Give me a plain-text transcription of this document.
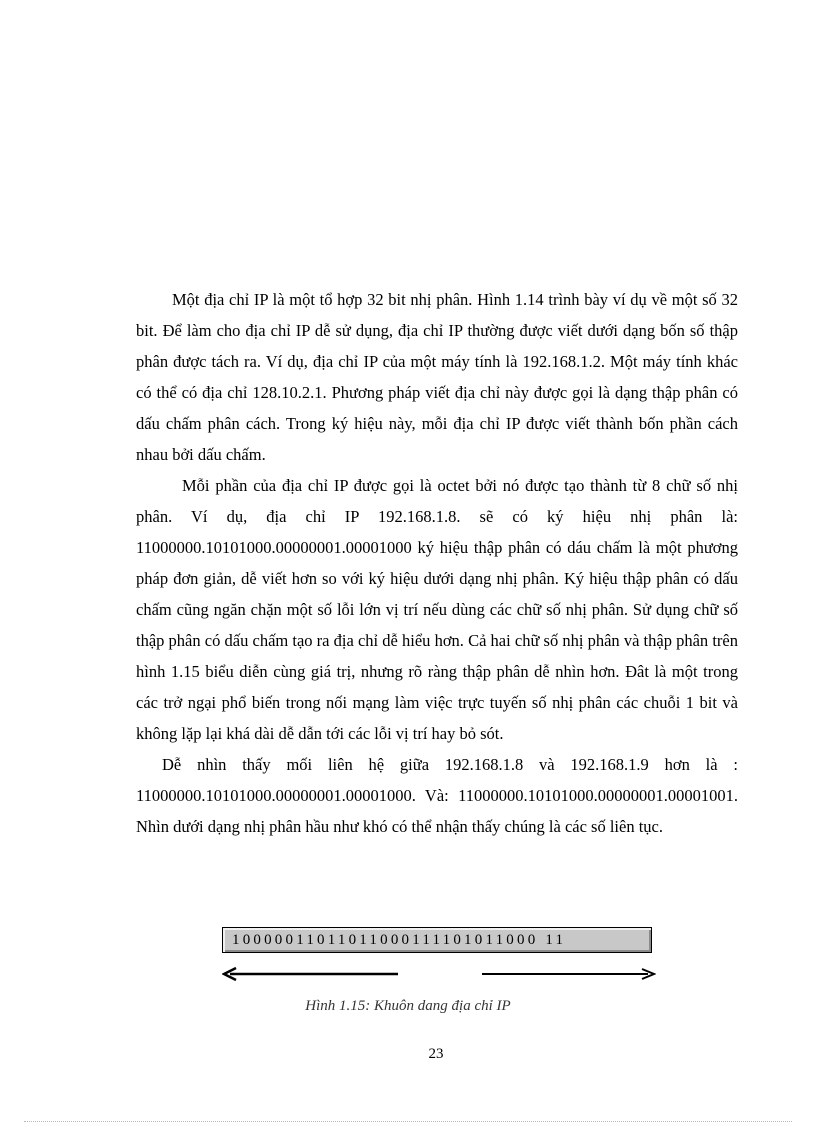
Một địa chỉ IP là một tổ hợp 32 bit nhị phân. Hình 1.14 trình bày ví dụ về một số 32 bit. Để làm cho địa chỉ IP dễ sử dụng, địa chỉ IP thường được viết dưới dạng bốn số thập phân được tách ra. Ví dụ, địa chỉ IP của một máy tính là 192.168.1.2. Một máy tính khác có thể có địa chỉ 128.10.2.1. Phương pháp viết địa chỉ này được gọi là dạng thập phân có dấu chấm phân cách. Trong ký hiệu này, mỗi địa chỉ IP được viết thành bốn phần cách nhau bởi dấu chấm.

Mỗi phần của địa chỉ IP được gọi là octet bởi nó được tạo thành từ 8 chữ số nhị phân. Ví dụ, địa chỉ IP 192.168.1.8. sẽ có ký hiệu nhị phân là: 11000000.10101000.00000001.00001000 ký hiệu thập phân có dáu chấm là một phương pháp đơn giản, dễ viết hơn so với ký hiệu dưới dạng nhị phân. Ký hiệu thập phân có dấu chấm cũng ngăn chặn một số lỗi lớn vị trí nếu dùng các chữ số nhị phân. Sử dụng chữ số thập phân có dấu chấm tạo ra địa chỉ dễ hiểu hơn. Cả hai chữ số nhị phân và thập phân trên hình 1.15 biểu diễn cùng giá trị, nhưng rõ ràng thập phân dễ nhìn hơn. Đât là một trong các trở ngại phổ biến trong nối mạng làm việc trực tuyến số nhị phân các chuỗi 1 bit và không lặp lại khá dài dễ dẫn tới các lỗi vị trí hay bỏ sót.

Dễ nhìn thấy mối liên hệ giữa 192.168.1.8 và 192.168.1.9 hơn là : 11000000.10101000.00000001.00001000. Và: 11000000.10101000.00000001.00001001. Nhìn dưới dạng nhị phân hầu như khó có thể nhận thấy chúng là các số liên tục.

10000011011011000111101011000 11
Hình 1.15: Khuôn dang địa chỉ IP
23
